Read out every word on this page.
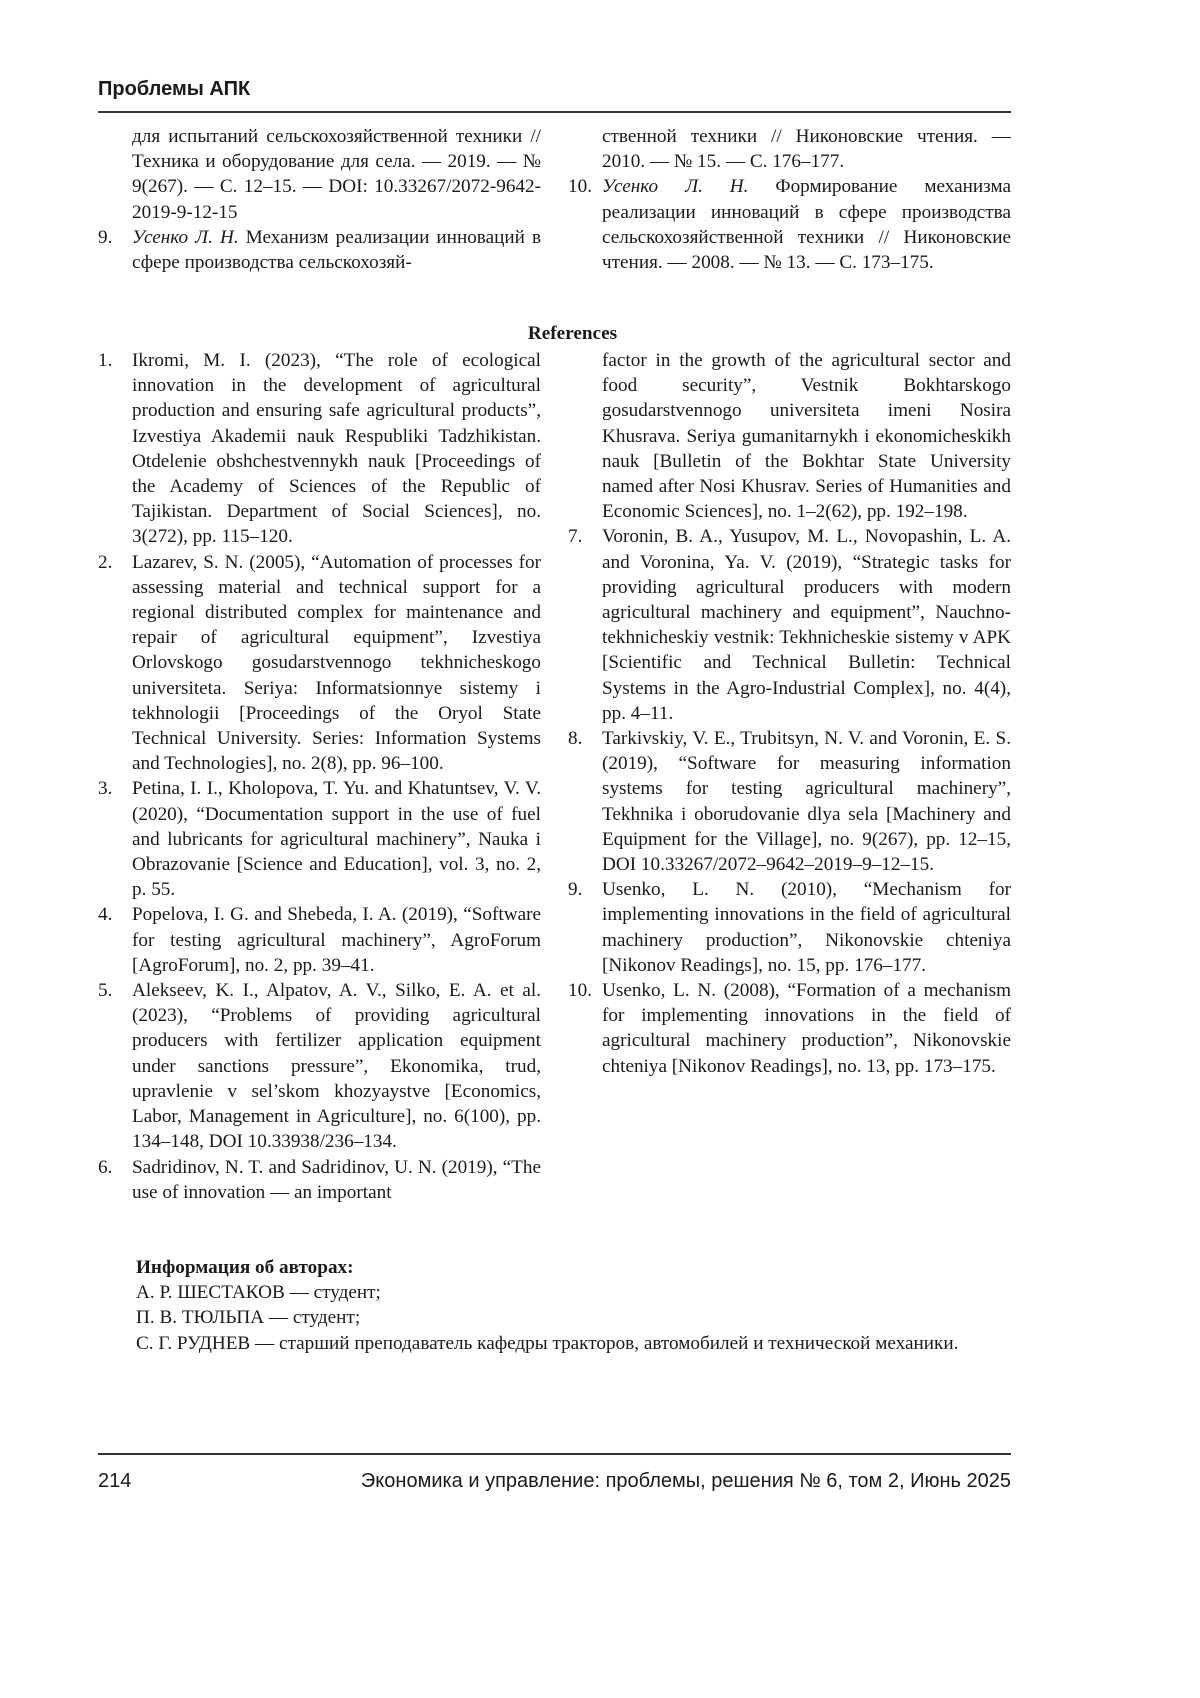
Проблемы АПК
для испытаний сельскохозяйственной техники // Техника и оборудование для села. — 2019. — № 9(267). — С. 12–15. — DOI: 10.33267/2072-9642-2019-9-12-15
9. Усенко Л. Н. Механизм реализации инноваций в сфере производства сельскохозяй-
ственной техники // Никоновские чтения. — 2010. — № 15. — С. 176–177.
10. Усенко Л. Н. Формирование механизма реализации инноваций в сфере производства сельскохозяйственной техники // Никоновские чтения. — 2008. — № 13. — С. 173–175.
References
1. Ikromi, M. I. (2023), “The role of ecological innovation in the development of agricultural production and ensuring safe agricultural products”, Izvestiya Akademii nauk Respubliki Tadzhikistan. Otdelenie obshchestvennykh nauk [Proceedings of the Academy of Sciences of the Republic of Tajikistan. Department of Social Sciences], no. 3(272), pp. 115–120.
2. Lazarev, S. N. (2005), “Automation of processes for assessing material and technical support for a regional distributed complex for maintenance and repair of agricultural equipment”, Izvestiya Orlovskogo gosudarstvennogo tekhnicheskogo universiteta. Seriya: Informatsionnye sistemy i tekhnologii [Proceedings of the Oryol State Technical University. Series: Information Systems and Technologies], no. 2(8), pp. 96–100.
3. Petina, I. I., Kholopova, T. Yu. and Khatuntsev, V. V. (2020), “Documentation support in the use of fuel and lubricants for agricultural machinery”, Nauka i Obrazovanie [Science and Education], vol. 3, no. 2, p. 55.
4. Popelova, I. G. and Shebeda, I. A. (2019), “Software for testing agricultural machinery”, AgroForum [AgroForum], no. 2, pp. 39–41.
5. Alekseev, K. I., Alpatov, A. V., Silko, E. A. et al. (2023), “Problems of providing agricultural producers with fertilizer application equipment under sanctions pressure”, Ekonomika, trud, upravlenie v sel’skom khozyaystve [Economics, Labor, Management in Agriculture], no. 6(100), pp. 134–148, DOI 10.33938/236–134.
6. Sadridinov, N. T. and Sadridinov, U. N. (2019), “The use of innovation — an important
factor in the growth of the agricultural sector and food security”, Vestnik Bokhtarskogo gosudarstvennogo universiteta imeni Nosira Khusrava. Seriya gumanitarnykh i ekonomicheskikh nauk [Bulletin of the Bokhtar State University named after Nosi Khusrav. Series of Humanities and Economic Sciences], no. 1–2(62), pp. 192–198.
7. Voronin, B. A., Yusupov, M. L., Novopashin, L. A. and Voronina, Ya. V. (2019), “Strategic tasks for providing agricultural producers with modern agricultural machinery and equipment”, Nauchno-tekhnicheskiy vestnik: Tekhnicheskie sistemy v APK [Scientific and Technical Bulletin: Technical Systems in the Agro-Industrial Complex], no. 4(4), pp. 4–11.
8. Tarkivskiy, V. E., Trubitsyn, N. V. and Voronin, E. S. (2019), “Software for measuring information systems for testing agricultural machinery”, Tekhnika i oborudovanie dlya sela [Machinery and Equipment for the Village], no. 9(267), pp. 12–15, DOI 10.33267/2072–9642–2019–9–12–15.
9. Usenko, L. N. (2010), “Mechanism for implementing innovations in the field of agricultural machinery production”, Nikonovskie chteniya [Nikonov Readings], no. 15, pp. 176–177.
10. Usenko, L. N. (2008), “Formation of a mechanism for implementing innovations in the field of agricultural machinery production”, Nikonovskie chteniya [Nikonov Readings], no. 13, pp. 173–175.
Информация об авторах:
А. Р. ШЕСТАКОВ — студент;
П. В. ТЮЛЬПА — студент;
С. Г. РУДНЕВ — старший преподаватель кафедры тракторов, автомобилей и технической механики.
214	Экономика и управление: проблемы, решения № 6, том 2, Июнь 2025
